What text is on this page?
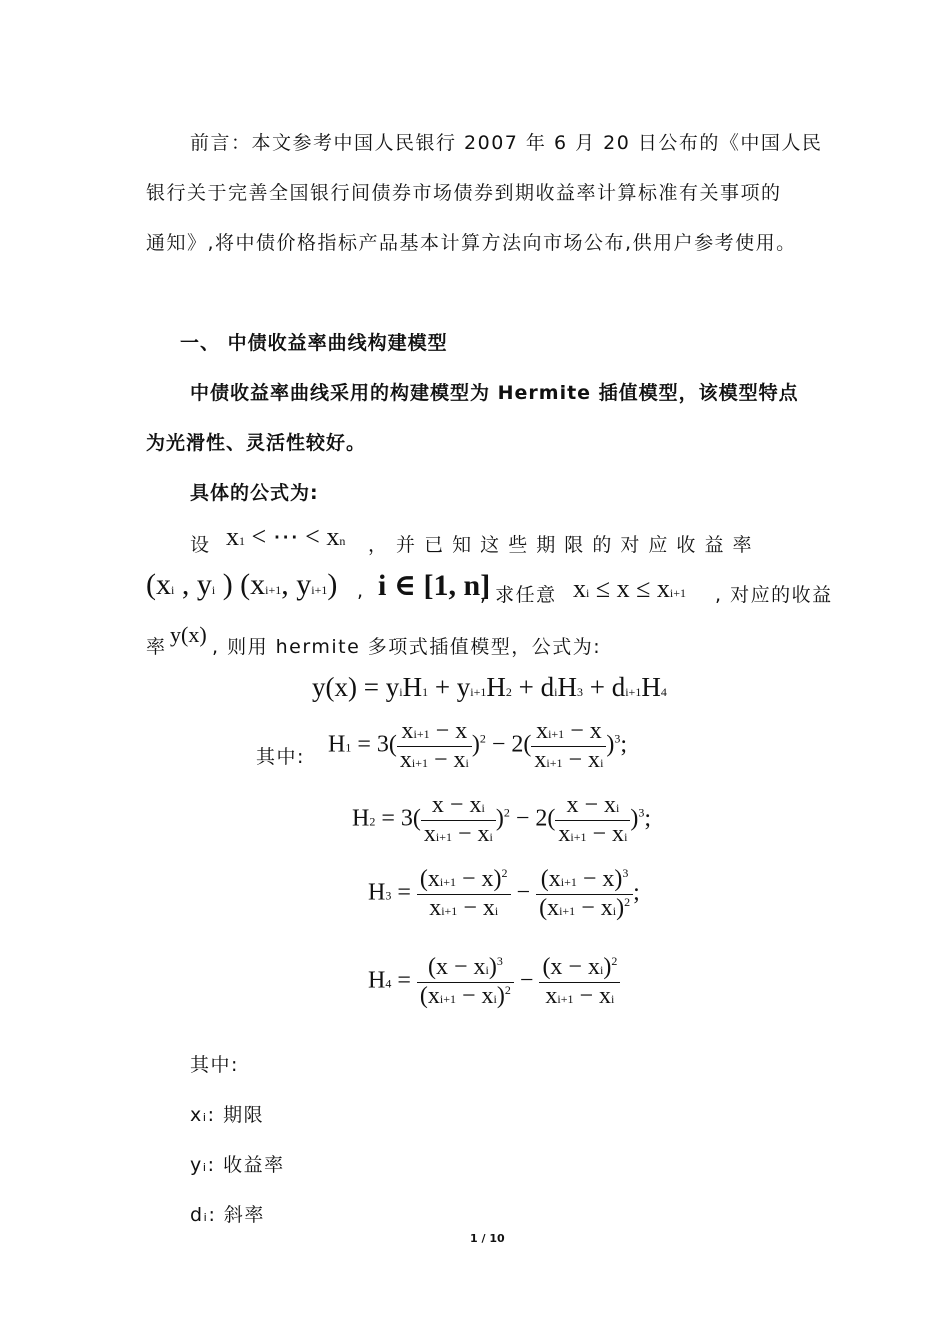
前言：本文参考中国人民银行 2007 年 6 月 20 日公布的《中国人民
银行关于完善全国银行间债券市场债券到期收益率计算标准有关事项的
通知》,将中债价格指标产品基本计算方法向市场公布,供用户参考使用。
一、 中债收益率曲线构建模型
中债收益率曲线采用的构建模型为 Hermite 插值模型，该模型特点
为光滑性、灵活性较好。
具体的公式为:
设 x1 < ⋯ < xn ， 并 已 知 这 些 期 限 的 对 应 收 益 率
(xi , yi ) (xi+1, yi+1) , i ∈ [1, n]
, 求任意 xi ≤ x ≤ xi+1 , 对应的收益
率 y(x) , 则用 hermite 多项式插值模型，公式为:
y(x) = yiH1 + yi+1H2 + diH3 + di+1H4
其中: $H1 = 3( \frac{xi+1 - x}{xi+1 - xi} )^2 - 2( \frac{xi+1 - x}{xi+1 - xi} )^3$;
$H2 = 3( \frac{x - xi}{xi+1 - xi} )^2 - 2( \frac{x - xi}{xi+1 - xi} )^3$;
$H3 = \frac{(xi+1 - x)^2}{xi+1 - xi} - \frac{(xi+1 - x)^3}{(xi+1 - xi)^2}$ ;
$H4 = \frac{(x - xi)^3}{(xi+1 - xi)^2} - \frac{(x - xi)^2}{xi+1 - xi}$
其中:
xᵢ: 期限
yᵢ: 收益率
dᵢ: 斜率
1 / 10
